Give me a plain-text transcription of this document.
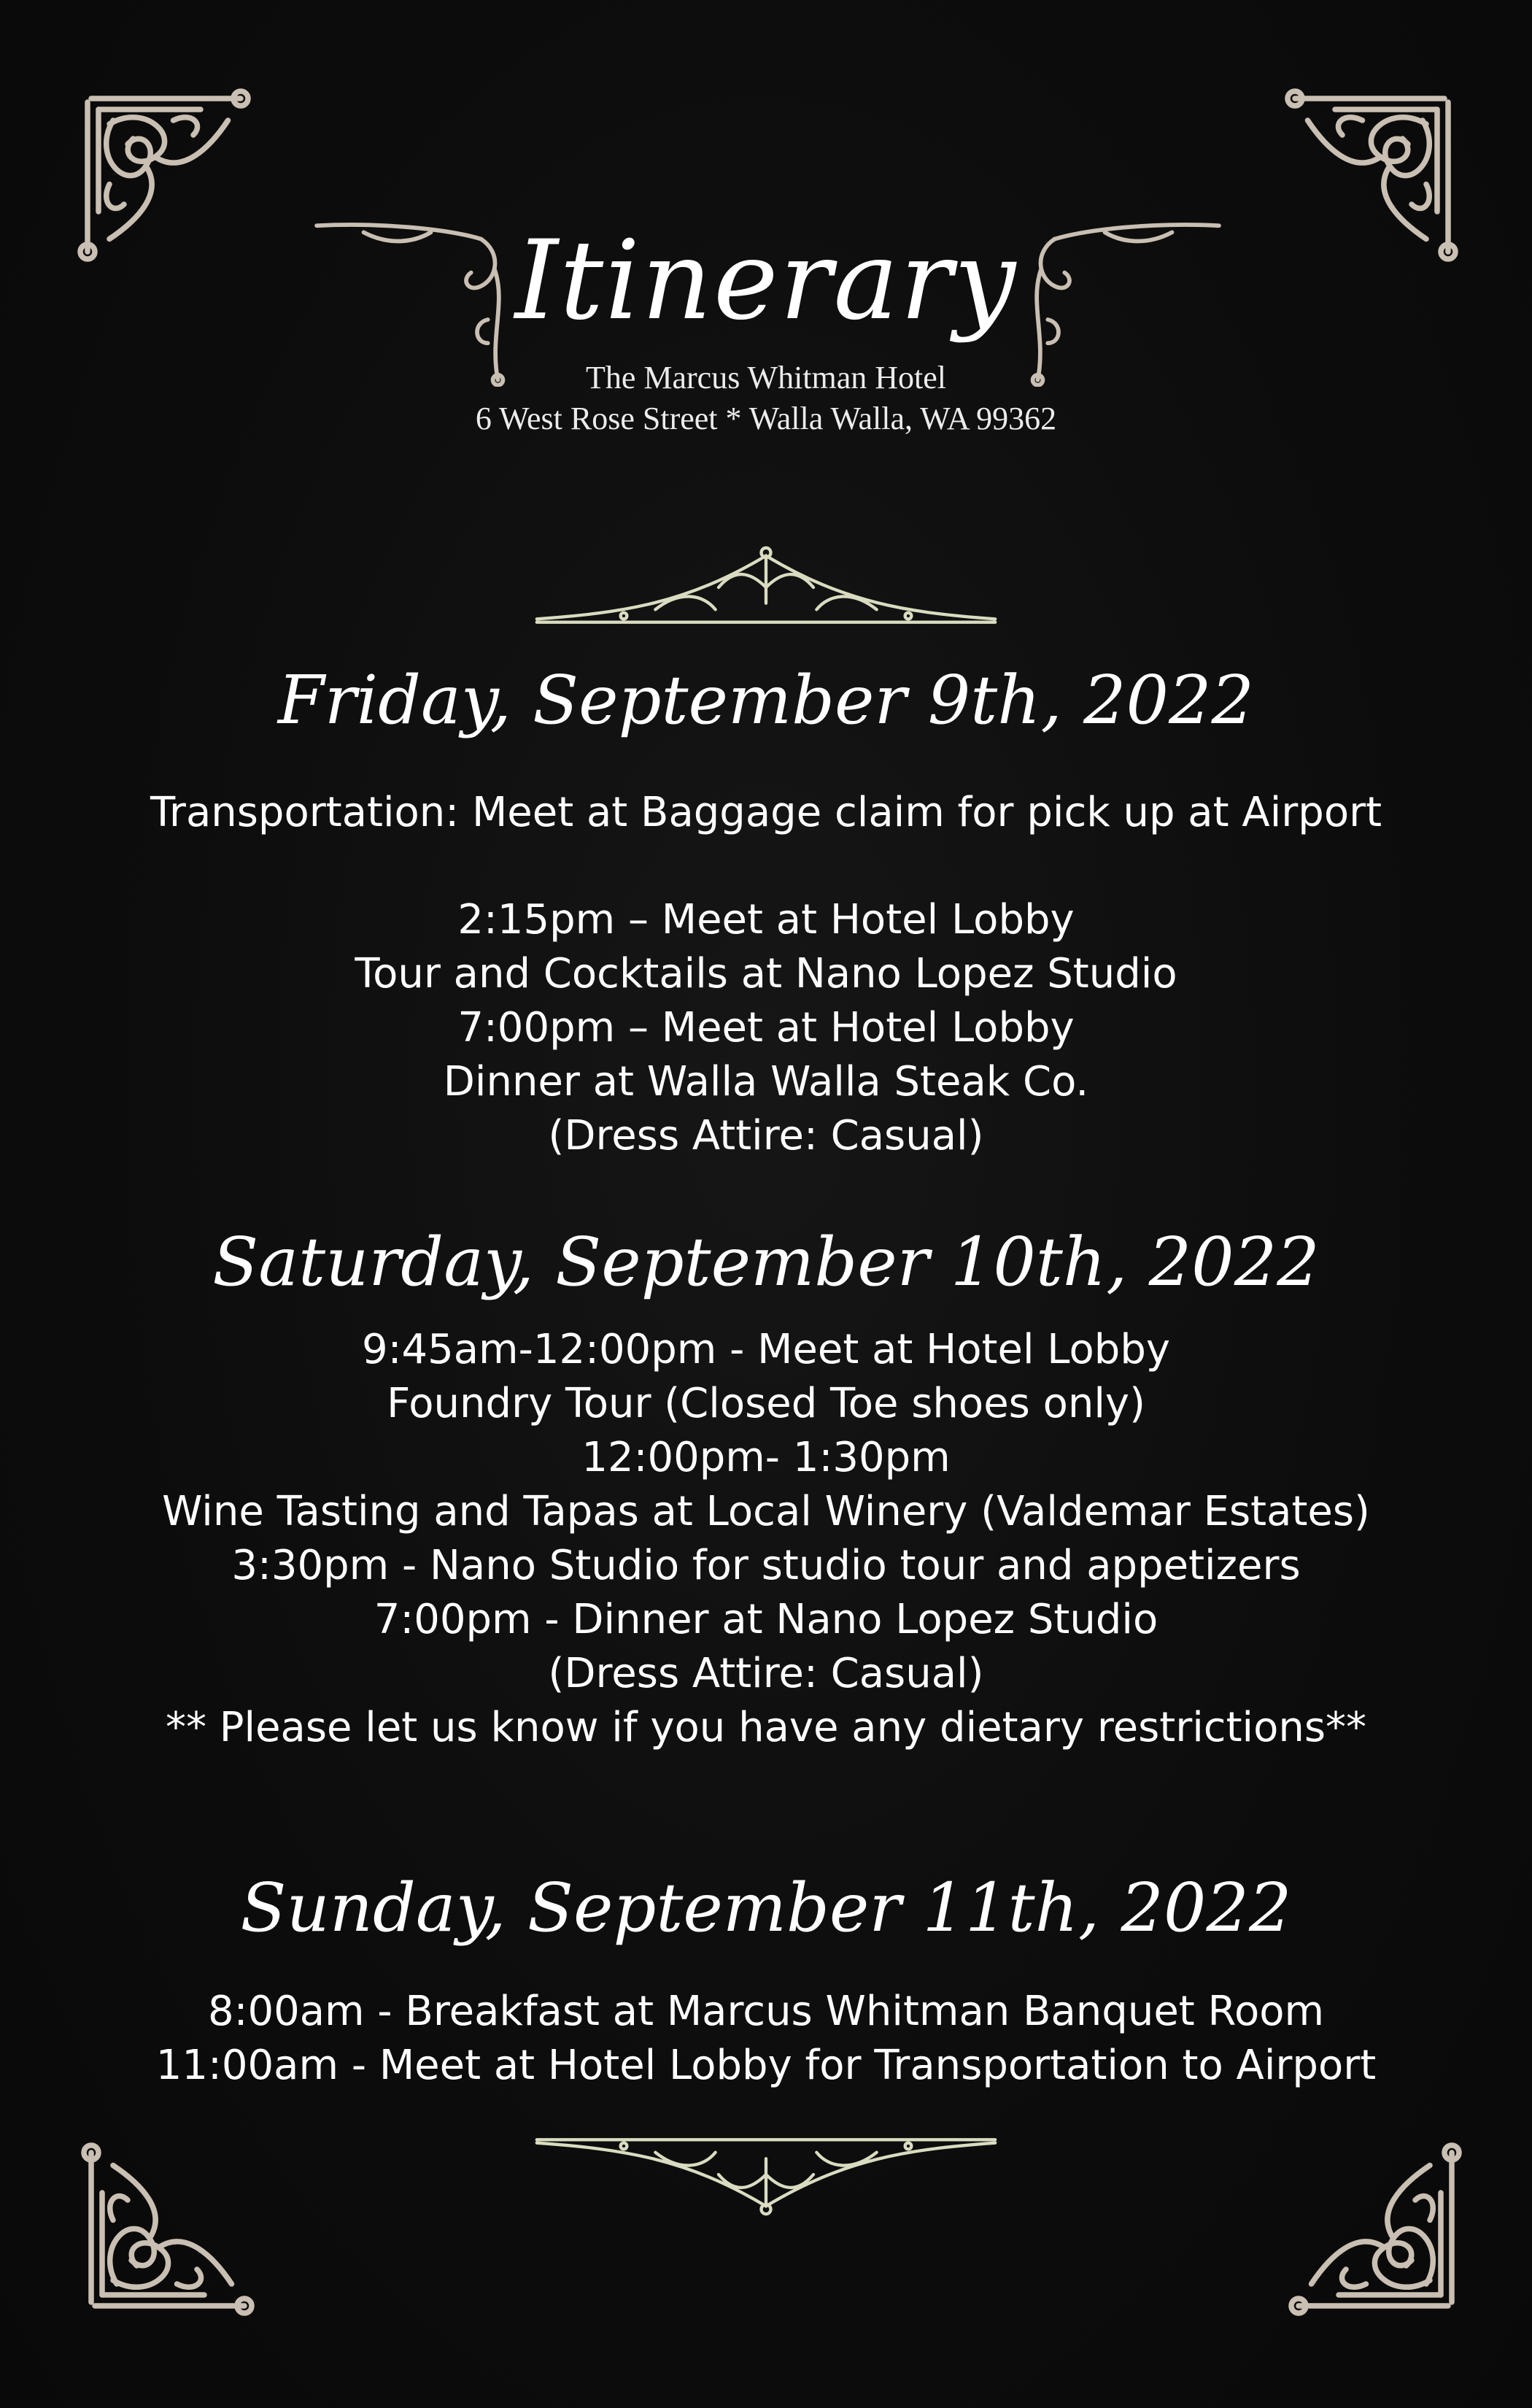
Itinerary
The Marcus Whitman Hotel
6 West Rose Street * Walla Walla, WA 99362
Friday, September 9th, 2022
Transportation: Meet at Baggage claim for pick up at Airport
2:15pm – Meet at Hotel Lobby
Tour and Cocktails at Nano Lopez Studio
7:00pm – Meet at Hotel Lobby
Dinner at Walla Walla Steak Co.
(Dress Attire: Casual)
Saturday, September 10th, 2022
9:45am-12:00pm - Meet at Hotel Lobby
Foundry Tour (Closed Toe shoes only)
12:00pm- 1:30pm
Wine Tasting and Tapas at Local Winery (Valdemar Estates)
3:30pm - Nano Studio for studio tour and appetizers
7:00pm - Dinner at Nano Lopez Studio
(Dress Attire: Casual)
** Please let us know if you have any dietary restrictions**
Sunday, September 11th, 2022
8:00am - Breakfast at Marcus Whitman Banquet Room
11:00am - Meet at Hotel Lobby for Transportation to Airport
